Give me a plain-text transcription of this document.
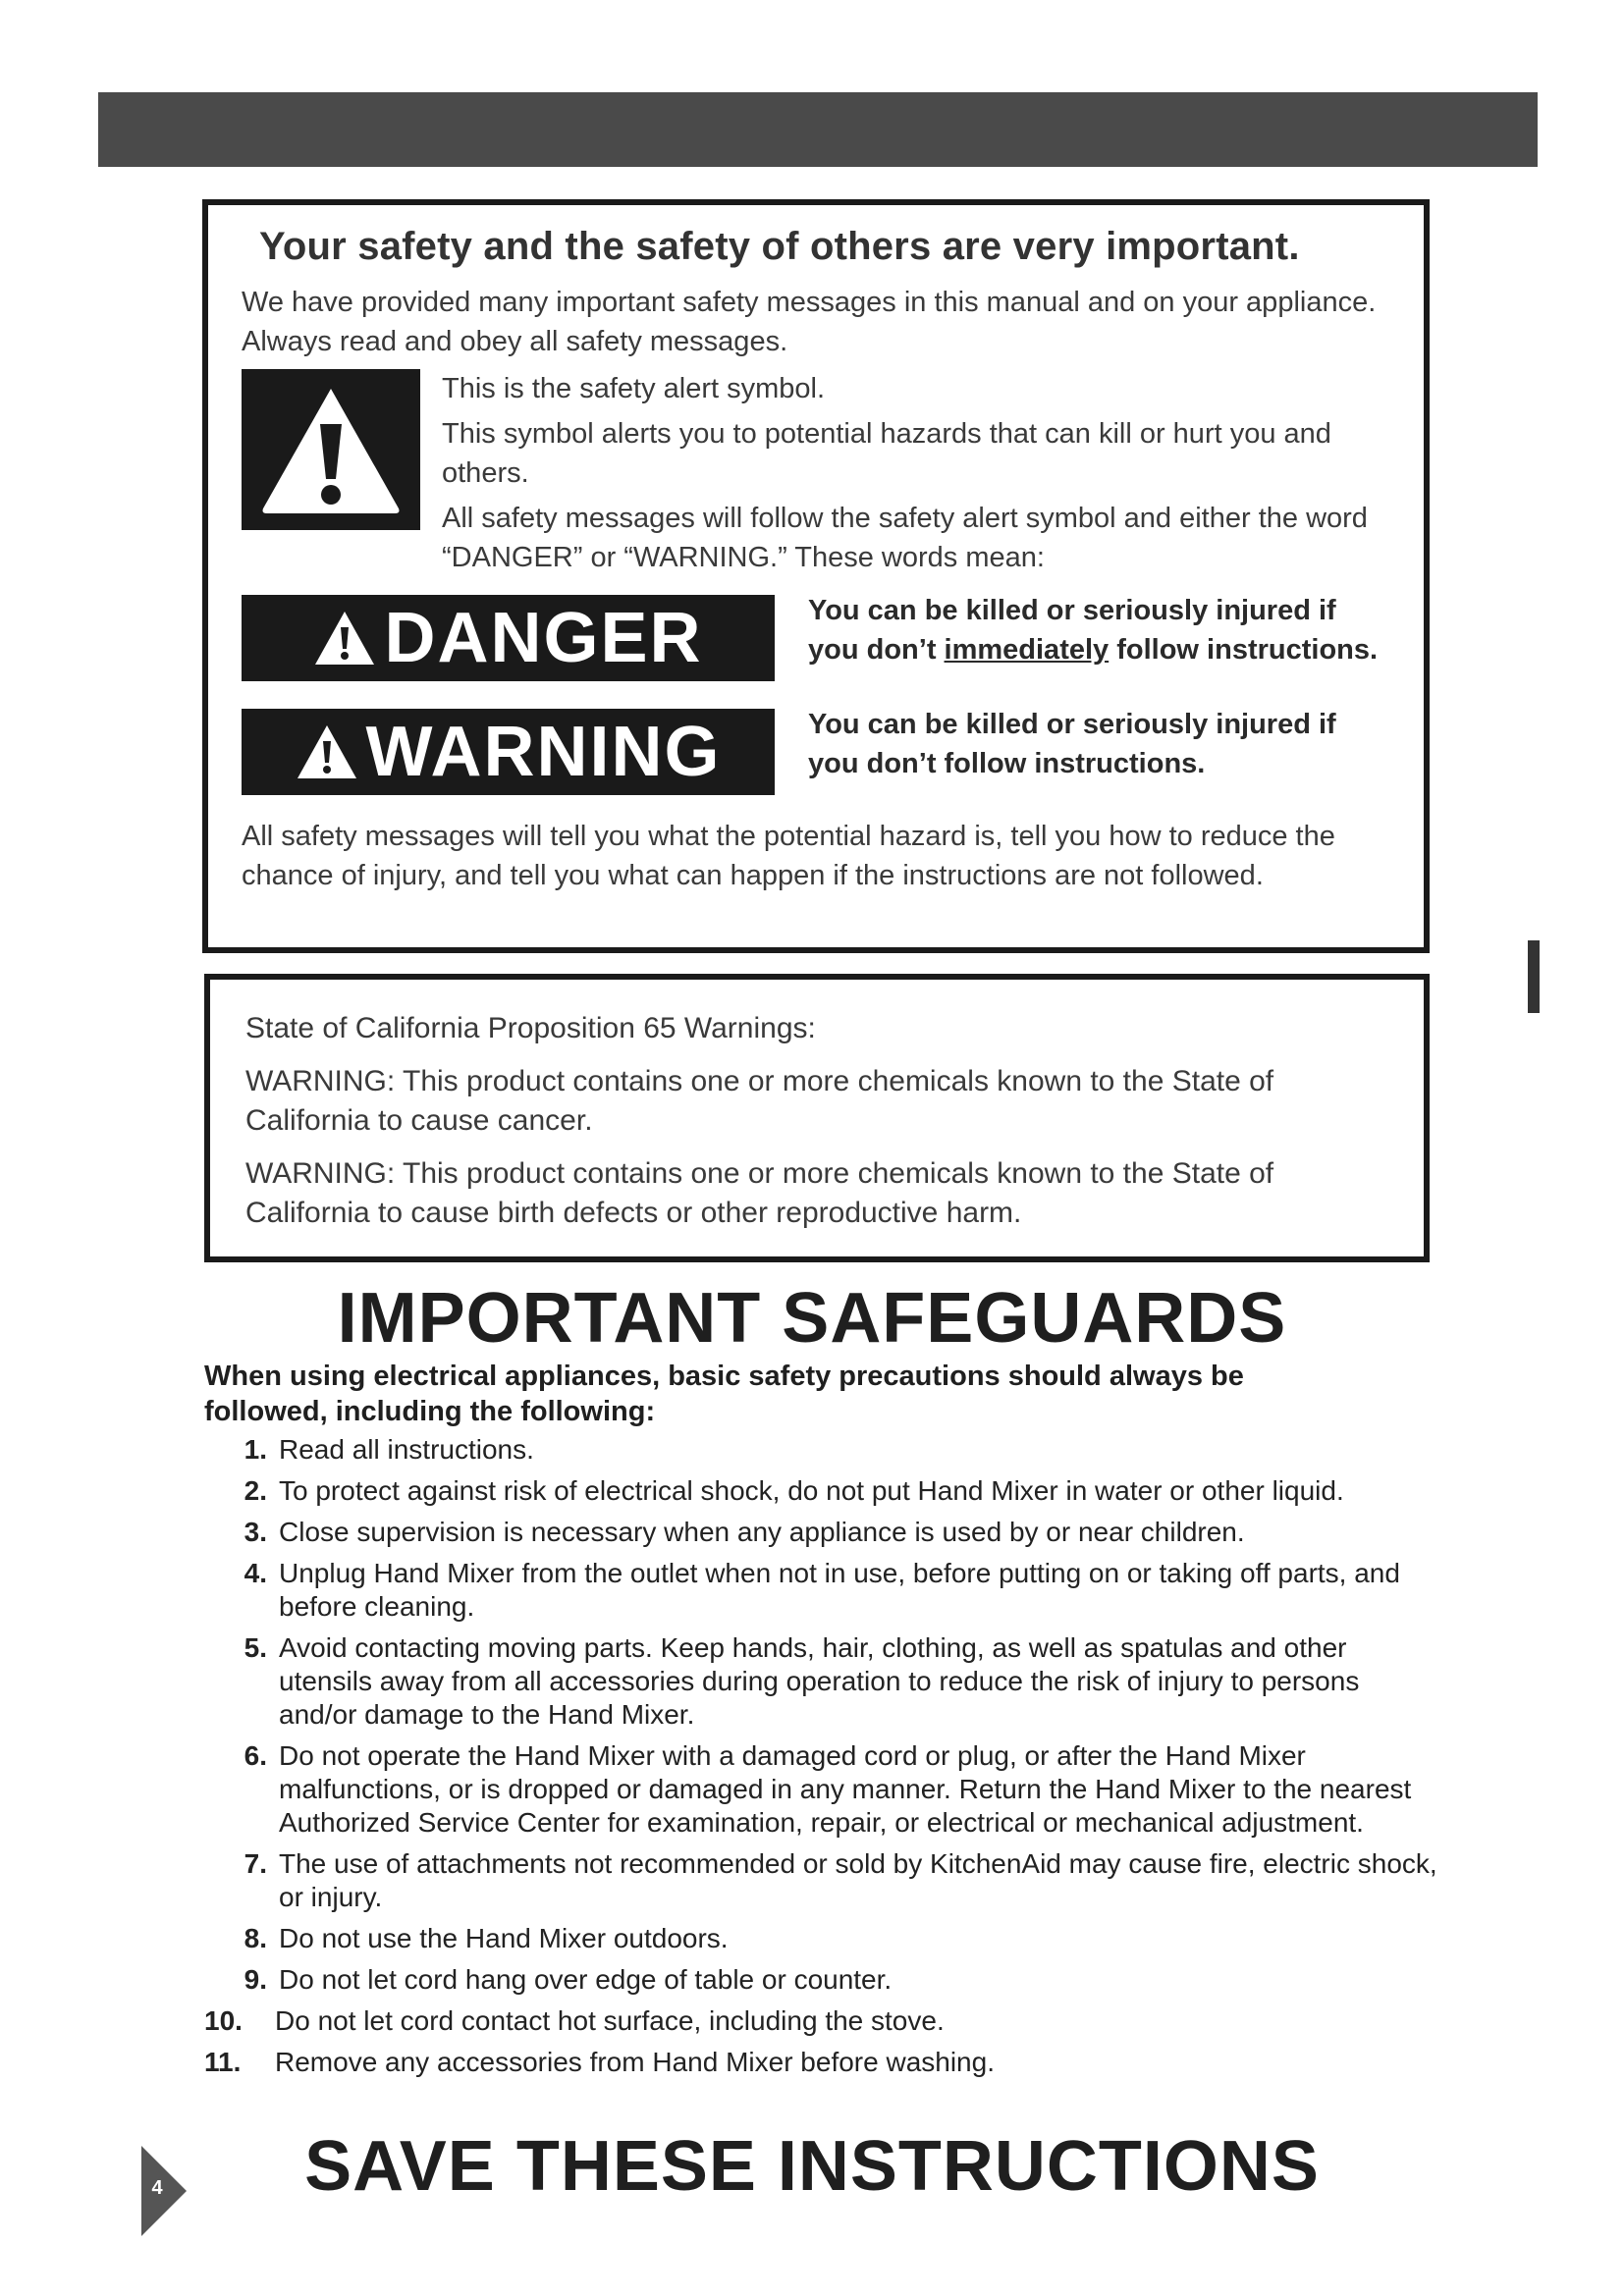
Your safety and the safety of others are very important.
We have provided many important safety messages in this manual and on your appliance. Always read and obey all safety messages.
This is the safety alert symbol.
This symbol alerts you to potential hazards that can kill or hurt you and others.
All safety messages will follow the safety alert symbol and either the word “DANGER” or “WARNING.” These words mean:
DANGER	You can be killed or seriously injured if you don’t immediately follow instructions.
WARNING	You can be killed or seriously injured if you don’t follow instructions.
All safety messages will tell you what the potential hazard is, tell you how to reduce the chance of injury, and tell you what can happen if the instructions are not followed.
State of California Proposition 65 Warnings:
WARNING: This product contains one or more chemicals known to the State of California to cause cancer.
WARNING: This product contains one or more chemicals known to the State of California to cause birth defects or other reproductive harm.
IMPORTANT SAFEGUARDS
When using electrical appliances, basic safety precautions should always be followed, including the following:
1. Read all instructions.
2. To protect against risk of electrical shock, do not put Hand Mixer in water or other liquid.
3. Close supervision is necessary when any appliance is used by or near children.
4. Unplug Hand Mixer from the outlet when not in use, before putting on or taking off parts, and before cleaning.
5. Avoid contacting moving parts. Keep hands, hair, clothing, as well as spatulas and other utensils away from all accessories during operation to reduce the risk of injury to persons and/or damage to the Hand Mixer.
6. Do not operate the Hand Mixer with a damaged cord or plug, or after the Hand Mixer malfunctions, or is dropped or damaged in any manner. Return the Hand Mixer to the nearest Authorized Service Center for examination, repair, or electrical or mechanical adjustment.
7. The use of attachments not recommended or sold by KitchenAid may cause fire, electric shock, or injury.
8. Do not use the Hand Mixer outdoors.
9. Do not let cord hang over edge of table or counter.
10.	Do not let cord contact hot surface, including the stove.
11.	Remove any accessories from Hand Mixer before washing.
4	SAVE THESE INSTRUCTIONS
